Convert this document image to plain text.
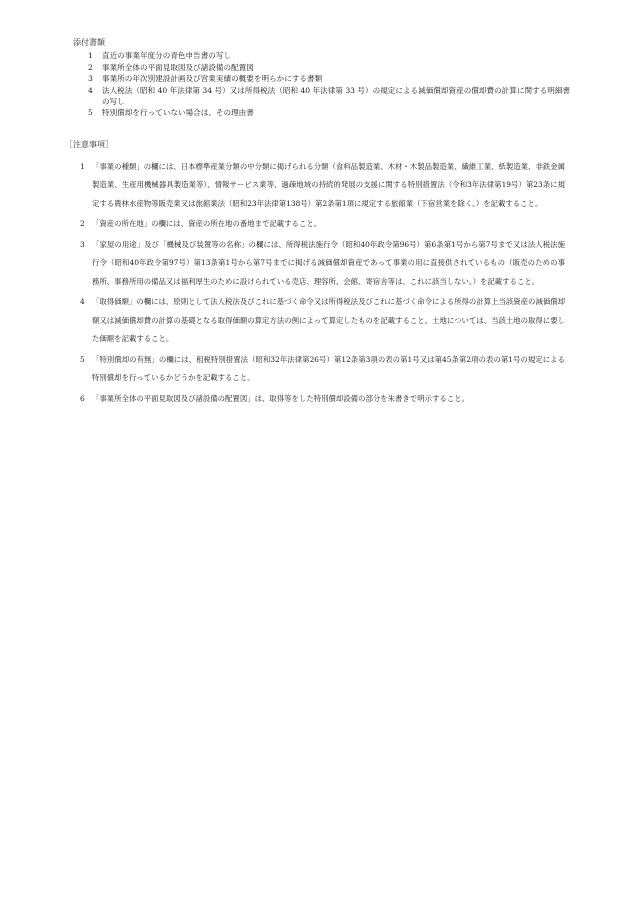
添付書類
1	直近の事業年度分の青色申告書の写し
2	事業所全体の平面見取図及び諸設備の配置図
3	事業所の年次別建設計画及び営業実績の概要を明らかにする書類
4	法人税法（昭和 40 年法律第 34 号）又は所得税法（昭和 40 年法律第 33 号）の規定による減価償却資産の償却費の計算に関する明細書の写し
5	特別償却を行っていない場合は、その理由書
［注意事項］
1 「事業の種類」の欄には、日本標準産業分類の中分類に掲げられる分類（食料品製造業、木材・木製品製造業、繊維工業、紙製造業、非鉄金属製造業、生産用機械器具製造業等）、情報サービス業等、過疎地域の持続的発展の支援に関する特別措置法（令和3年法律第19号）第23条に規定する農林水産物等販売業又は旅館業法（昭和23年法律第138号）第2条第1項に規定する旅館業（下宿営業を除く。）を記載すること。
2 「資産の所在地」の欄には、資産の所在地の番地まで記載すること。
3 「家屋の用途」及び「機械及び装置等の名称」の欄には、所得税法施行令（昭和40年政令第96号）第6条第1号から第7号まで又は法人税法施行令（昭和40年政令第97号）第13条第1号から第7号までに掲げる減価償却資産であって事業の用に直接供されているもの（販売のための事務所、事務所用の備品又は福利厚生のために設けられている売店、理容所、会館、寄宿舎等は、これに該当しない。）を記載すること。
4 「取得価額」の欄には、原則として法人税法及びこれに基づく命令又は所得税法及びこれに基づく命令による所得の計算上当該資産の減価償却額又は減価償却費の計算の基礎となる取得価額の算定方法の例によって算定したものを記載すること。土地については、当該土地の取得に要した価額を記載すること。
5 「特別償却の有無」の欄には、租税特別措置法（昭和32年法律第26号）第12条第3項の表の第1号又は第45条第2項の表の第1号の規定による特別償却を行っているかどうかを記載すること。
6 「事業所全体の平面見取図及び諸設備の配置図」は、取得等をした特別償却設備の部分を朱書きで明示すること。
